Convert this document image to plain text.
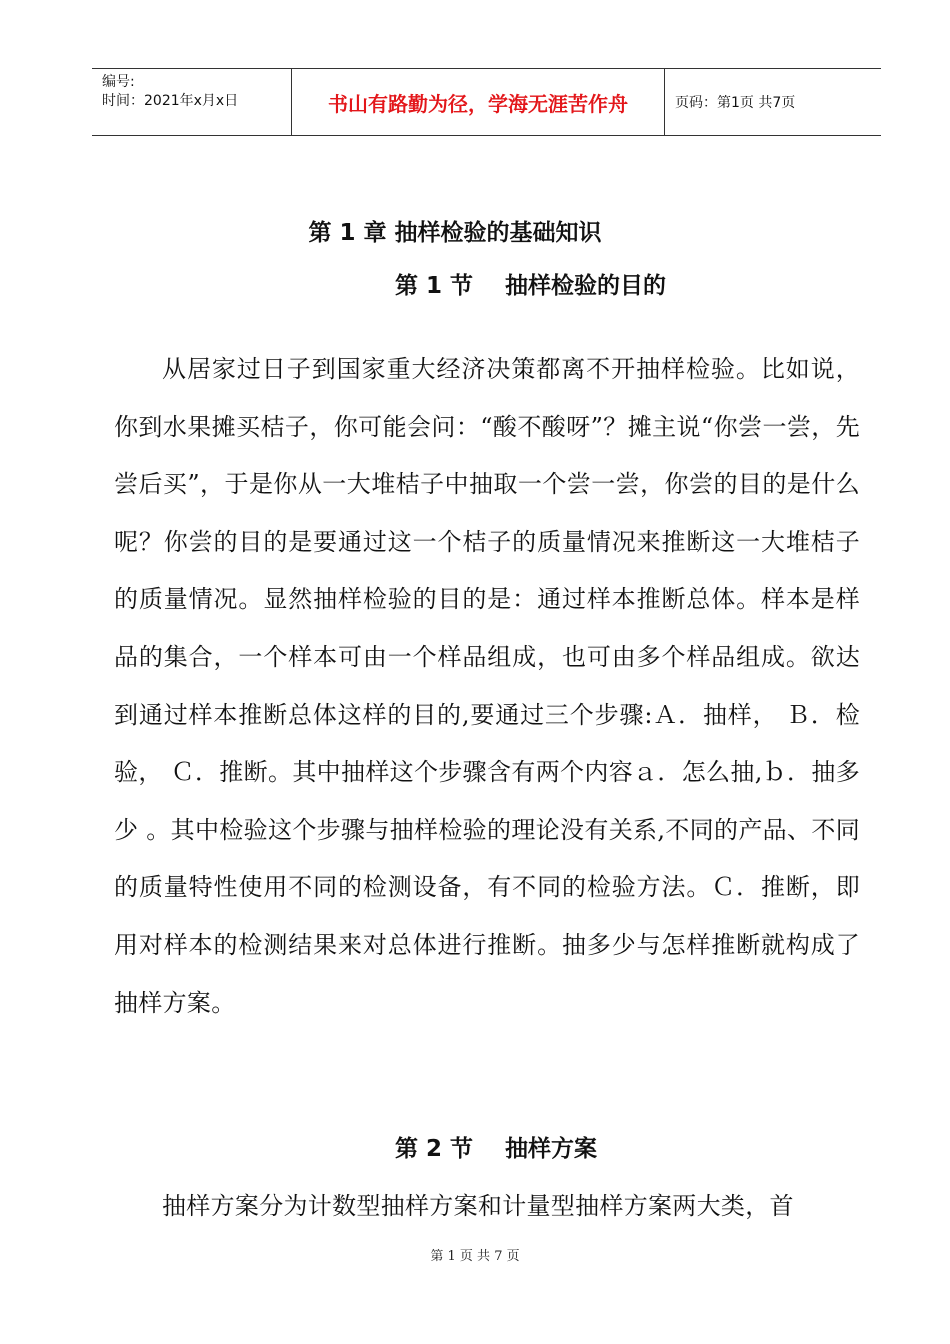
编号:
时间：2021年x月x日	书山有路勤为径，学海无涯苦作舟	页码：第1页 共7页
第 1 章 抽样检验的基础知识
第 1 节    抽样检验的目的

从居家过日子到国家重大经济决策都离不开抽样检验。比如说，你到水果摊买桔子，你可能会问：“酸不酸呀”？摊主说“你尝一尝，先尝后买”，于是你从一大堆桔子中抽取一个尝一尝，你尝的目的是什么呢？你尝的目的是要通过这一个桔子的质量情况来推断这一大堆桔子的质量情况。显然抽样检验的目的是：通过样本推断总体。样本是样品的集合，一个样本可由一个样品组成，也可由多个样品组成。欲达到通过样本推断总体这样的目的,要通过三个步骤:Ａ．抽样， Ｂ．检验， Ｃ．推断。其中抽样这个步骤含有两个内容ａ．怎么抽,ｂ．抽多少 。其中检验这个步骤与抽样检验的理论没有关系,不同的产品、不同的质量特性使用不同的检测设备，有不同的检验方法。Ｃ．推断，即用对样本的检测结果来对总体进行推断。抽多少与怎样推断就构成了抽样方案。

第 2 节    抽样方案

抽样方案分为计数型抽样方案和计量型抽样方案两大类，首

第 1 页 共 7 页
